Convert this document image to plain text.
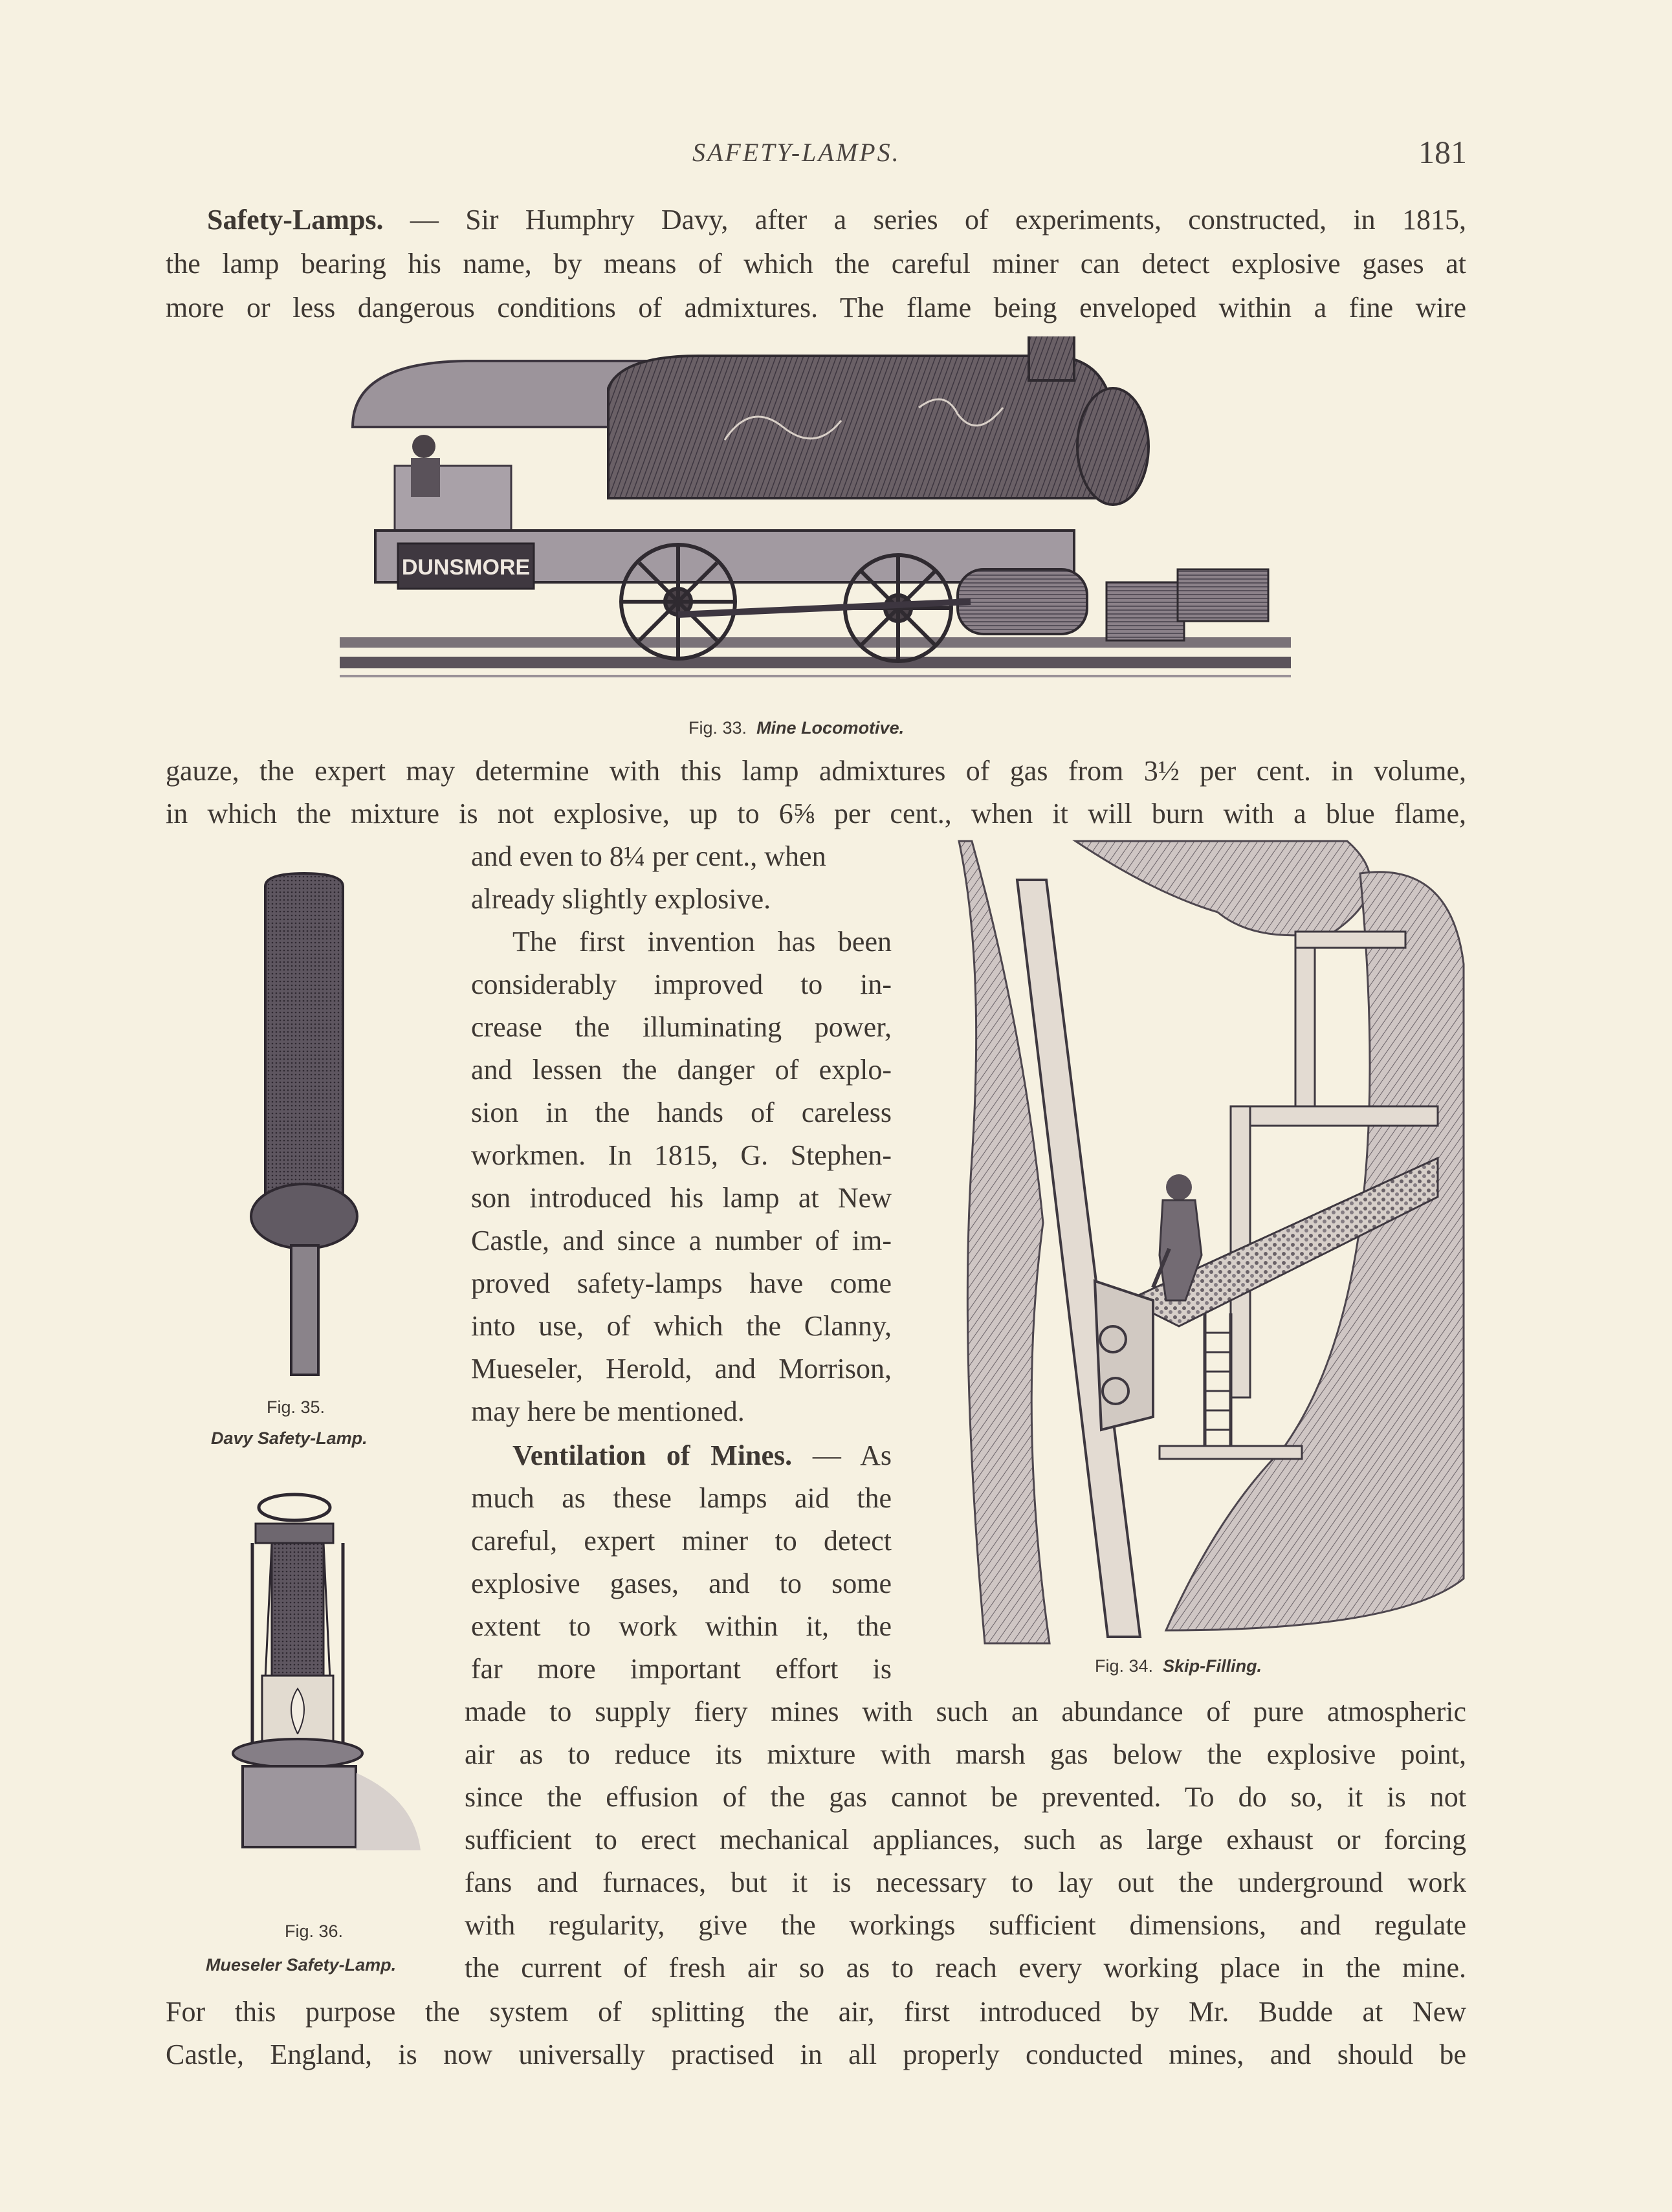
SAFETY-LAMPS.	181
Safety-Lamps. — Sir Humphry Davy, after a series of experiments, constructed, in 1815,
the lamp bearing his name, by means of which the careful miner can detect explosive gases at
more or less dangerous conditions of admixtures. The flame being enveloped within a fine wire
DUNSMORE
Fig. 33. Mine Locomotive.
gauze, the expert may determine with this lamp admixtures of gas from 3½ per cent. in volume,
in which the mixture is not explosive, up to 6⅝ per cent., when it will burn with a blue flame,
and even to 8¼ per cent., when
already slightly explosive.
The first invention has been
considerably improved to in-
crease the illuminating power,
and lessen the danger of explo-
sion in the hands of careless
workmen. In 1815, G. Stephen-
son introduced his lamp at New
Castle, and since a number of im-
proved safety-lamps have come
into use, of which the Clanny,
Mueseler, Herold, and Morrison,
may here be mentioned.
Ventilation of Mines. — As
much as these lamps aid the
careful, expert miner to detect
explosive gases, and to some
extent to work within it, the
far more important effort is
made to supply fiery mines with such an abundance of pure atmospheric
air as to reduce its mixture with marsh gas below the explosive point,
since the effusion of the gas cannot be prevented. To do so, it is not
sufficient to erect mechanical appliances, such as large exhaust or forcing
fans and furnaces, but it is necessary to lay out the underground work
with regularity, give the workings sufficient dimensions, and regulate
the current of fresh air so as to reach every working place in the mine.
For this purpose the system of splitting the air, first introduced by Mr. Budde at New
Castle, England, is now universally practised in all properly conducted mines, and should be
Fig. 35.
Davy Safety-Lamp.
Fig. 36.
Mueseler Safety-Lamp.
Fig. 34. Skip-Filling.
